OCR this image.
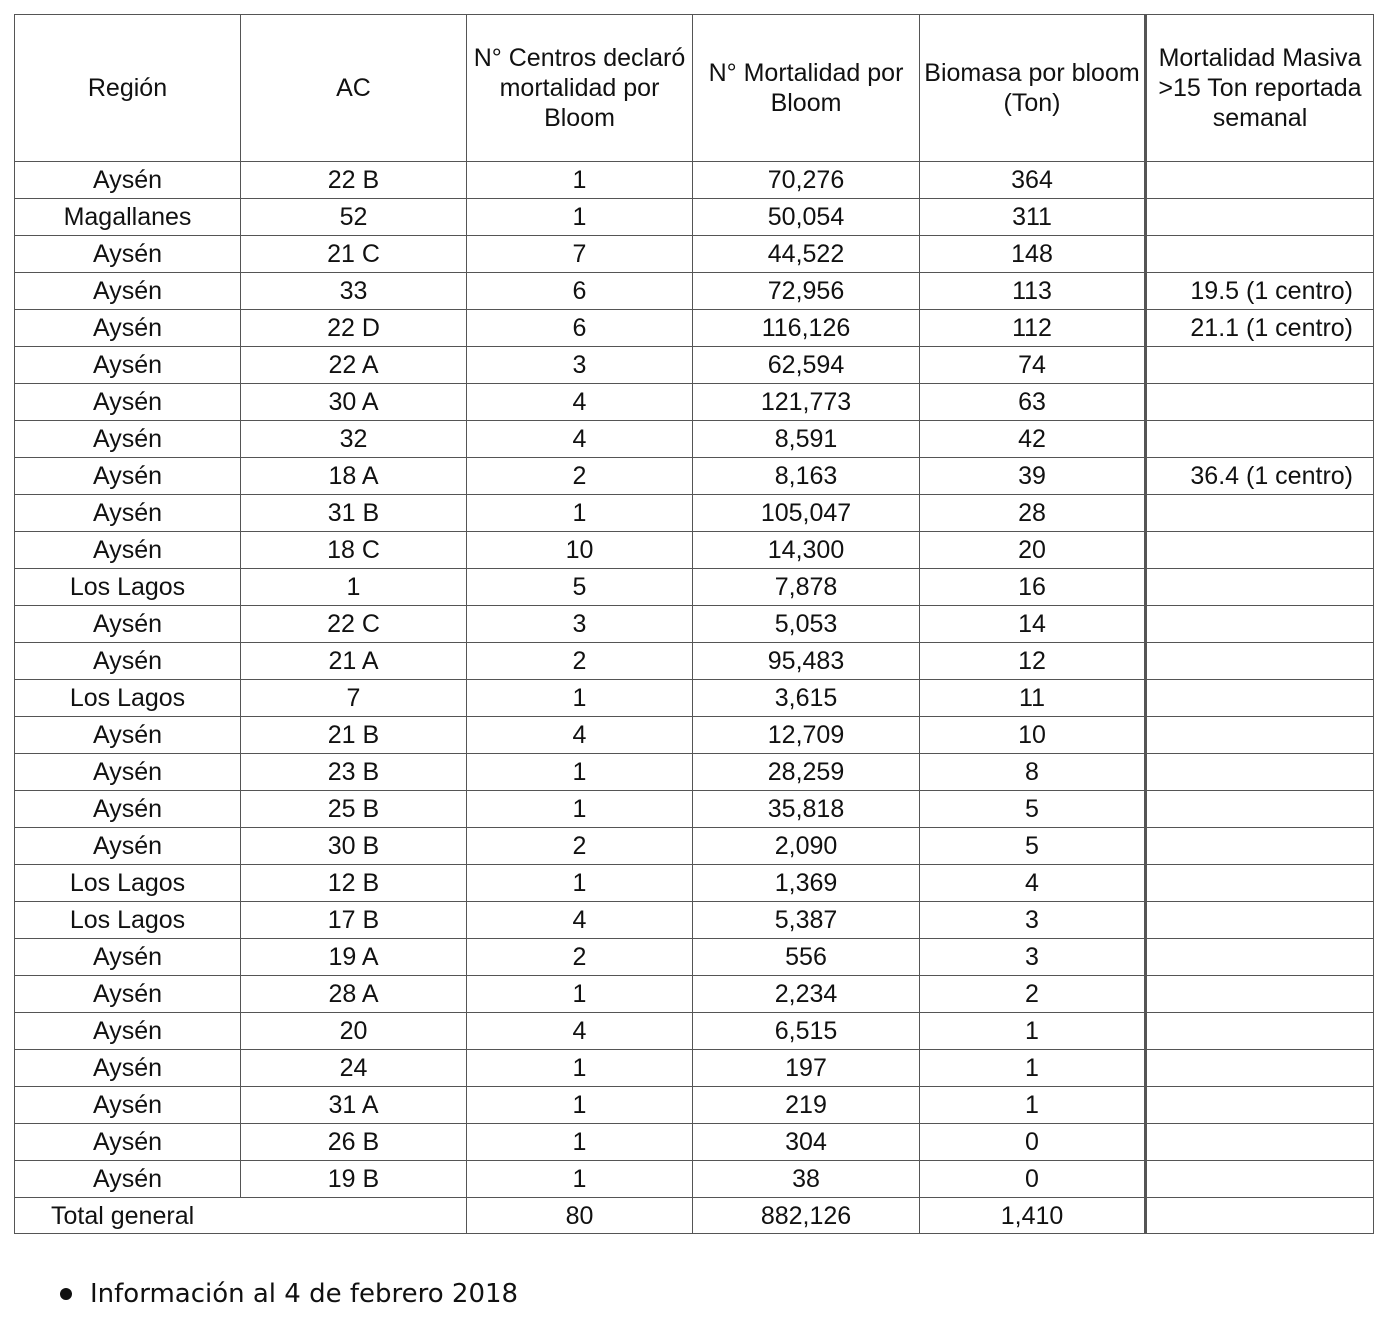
Región	AC	N° Centros declaró mortalidad por Bloom	N° Mortalidad por Bloom	Biomasa por bloom (Ton)	Mortalidad Masiva >15 Ton reportada semanal
Aysén	22 B	1	70,276	364	
Magallanes	52	1	50,054	311	
Aysén	21 C	7	44,522	148	
Aysén	33	6	72,956	113	19.5 (1 centro)
Aysén	22 D	6	116,126	112	21.1 (1 centro)
Aysén	22 A	3	62,594	74	
Aysén	30 A	4	121,773	63	
Aysén	32	4	8,591	42	
Aysén	18 A	2	8,163	39	36.4 (1 centro)
Aysén	31 B	1	105,047	28	
Aysén	18 C	10	14,300	20	
Los Lagos	1	5	7,878	16	
Aysén	22 C	3	5,053	14	
Aysén	21 A	2	95,483	12	
Los Lagos	7	1	3,615	11	
Aysén	21 B	4	12,709	10	
Aysén	23 B	1	28,259	8	
Aysén	25 B	1	35,818	5	
Aysén	30 B	2	2,090	5	
Los Lagos	12 B	1	1,369	4	
Los Lagos	17 B	4	5,387	3	
Aysén	19 A	2	556	3	
Aysén	28 A	1	2,234	2	
Aysén	20	4	6,515	1	
Aysén	24	1	197	1	
Aysén	31 A	1	219	1	
Aysén	26 B	1	304	0	
Aysén	19 B	1	38	0	
Total general		80	882,126	1,410	
Información al 4 de febrero 2018
